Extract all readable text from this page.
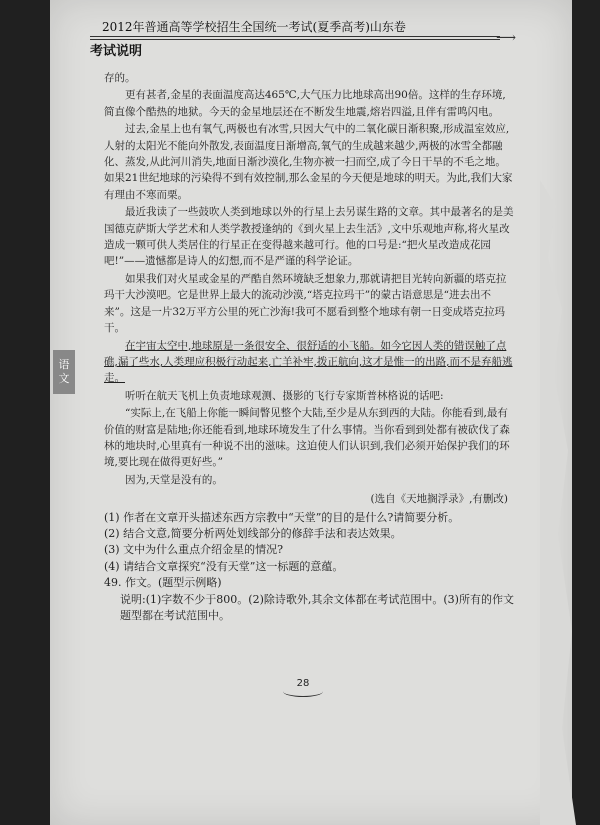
2012年普通高等学校招生全国统一考试(夏季高考)山东卷
⟶
考试说明
语
文

存的。

更有甚者,金星的表面温度高达465℃,大气压力比地球高出90倍。这样的生存环境,简直像个酷热的地狱。今天的金星地层还在不断发生地震,熔岩四溢,且伴有雷鸣闪电。

过去,金星上也有氧气,两极也有冰雪,只因大气中的二氧化碳日渐积聚,形成温室效应,人射的太阳光不能向外散发,表面温度日渐增高,氧气的生成越来越少,两极的冰雪全都融化、蒸发,从此河川消失,地面日渐沙漠化,生物亦被一扫而空,成了今日干旱的不毛之地。如果21世纪地球的污染得不到有效控制,那么金星的今天便是地球的明天。为此,我们大家有理由不寒而栗。

最近我读了一些鼓吹人类到地球以外的行星上去另谋生路的文章。其中最著名的是美国德克萨斯大学艺术和人类学教授逢纳的《到火星上去生活》,文中乐观地声称,将火星改造成一颗可供人类居住的行星正在变得越来越可行。他的口号是:“把火星改造成花园吧!”——遗憾都是诗人的幻想,而不是严谨的科学论证。

如果我们对火星或金星的严酷自然环境缺乏想象力,那就请把目光转向新疆的塔克拉玛干大沙漠吧。它是世界上最大的流动沙漠,“塔克拉玛干”的蒙古语意思是“进去出不来”。这是一片32万平方公里的死亡沙海!我可不愿看到整个地球有朝一日变成塔克拉玛干。

在宇宙太空中,地球原是一条很安全、很舒适的小飞船。如今它因人类的错误触了点礁,漏了些水,人类理应积极行动起来,亡羊补牢,拨正航向,这才是惟一的出路,而不是弃船逃走。

听听在航天飞机上负责地球观测、摄影的飞行专家斯普林格说的话吧:

“实际上,在飞船上你能一瞬间瞥见整个大陆,至少是从东到西的大陆。你能看到,最有价值的财富是陆地;你还能看到,地球环境发生了什么事情。当你看到到处都有被砍伐了森林的地块时,心里真有一种说不出的滋味。这迫使人们认识到,我们必须开始保护我们的环境,要比现在做得更好些。”

因为,天堂是没有的。

(选自《天地搁浮录》,有删改)
(1) 作者在文章开头描述东西方宗教中“天堂”的目的是什么?请简要分析。
(2) 结合文意,简要分析两处划线部分的修辞手法和表达效果。
(3) 文中为什么重点介绍金星的情况?
(4) 请结合文章探究“没有天堂”这一标题的意蕴。
49. 作文。(题型示例略)
说明:(1)字数不少于800。(2)除诗歌外,其余文体都在考试范围中。(3)所有的作文
题型都在考试范围中。
28
